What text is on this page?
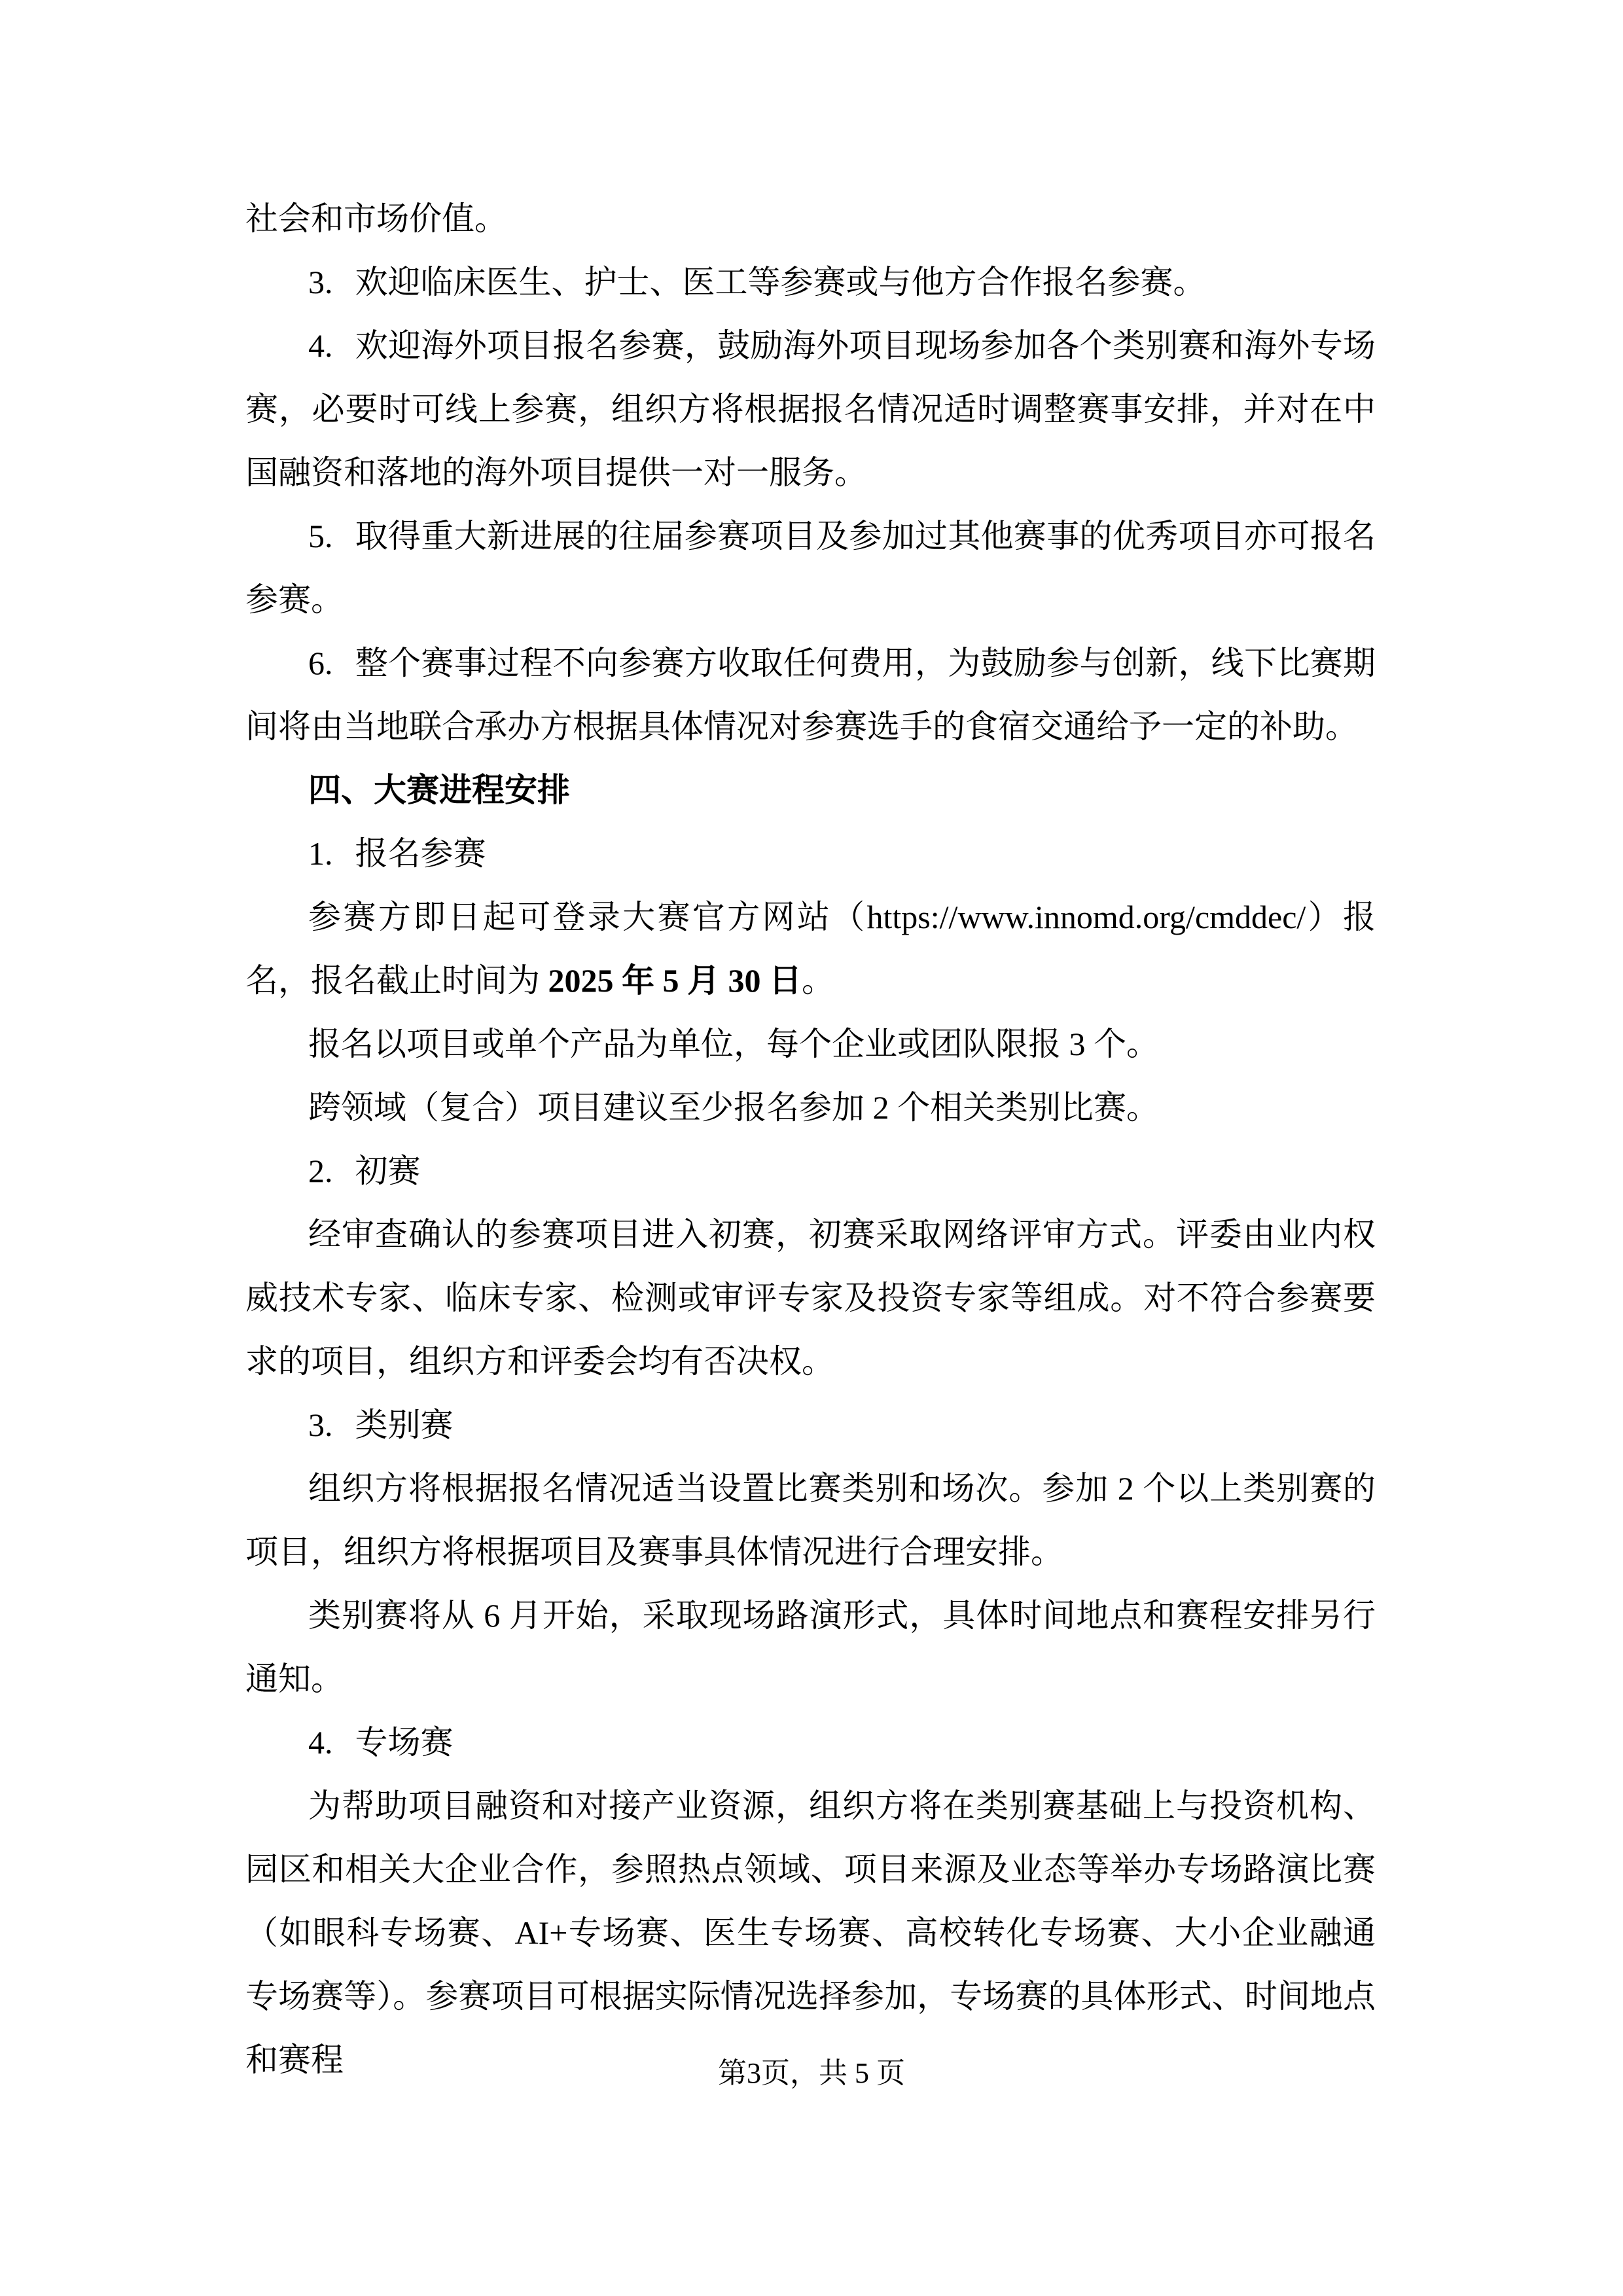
社会和市场价值。

3. 欢迎临床医生、护士、医工等参赛或与他方合作报名参赛。

4. 欢迎海外项目报名参赛，鼓励海外项目现场参加各个类别赛和海外专场赛，必要时可线上参赛，组织方将根据报名情况适时调整赛事安排，并对在中国融资和落地的海外项目提供一对一服务。

5. 取得重大新进展的往届参赛项目及参加过其他赛事的优秀项目亦可报名参赛。

6. 整个赛事过程不向参赛方收取任何费用，为鼓励参与创新，线下比赛期间将由当地联合承办方根据具体情况对参赛选手的食宿交通给予一定的补助。

四、大赛进程安排

1. 报名参赛

参赛方即日起可登录大赛官方网站（https://www.innomd.org/cmddec/）报名，报名截止时间为 2025 年 5 月 30 日。

报名以项目或单个产品为单位，每个企业或团队限报 3 个。

跨领域（复合）项目建议至少报名参加 2 个相关类别比赛。

2. 初赛

经审查确认的参赛项目进入初赛，初赛采取网络评审方式。评委由业内权威技术专家、临床专家、检测或审评专家及投资专家等组成。对不符合参赛要求的项目，组织方和评委会均有否决权。

3. 类别赛

组织方将根据报名情况适当设置比赛类别和场次。参加 2 个以上类别赛的项目，组织方将根据项目及赛事具体情况进行合理安排。

类别赛将从 6 月开始，采取现场路演形式，具体时间地点和赛程安排另行通知。

4. 专场赛

为帮助项目融资和对接产业资源，组织方将在类别赛基础上与投资机构、园区和相关大企业合作，参照热点领域、项目来源及业态等举办专场路演比赛（如眼科专场赛、AI+专场赛、医生专场赛、高校转化专场赛、大小企业融通专场赛等）。参赛项目可根据实际情况选择参加，专场赛的具体形式、时间地点和赛程	第3页，共 5 页
